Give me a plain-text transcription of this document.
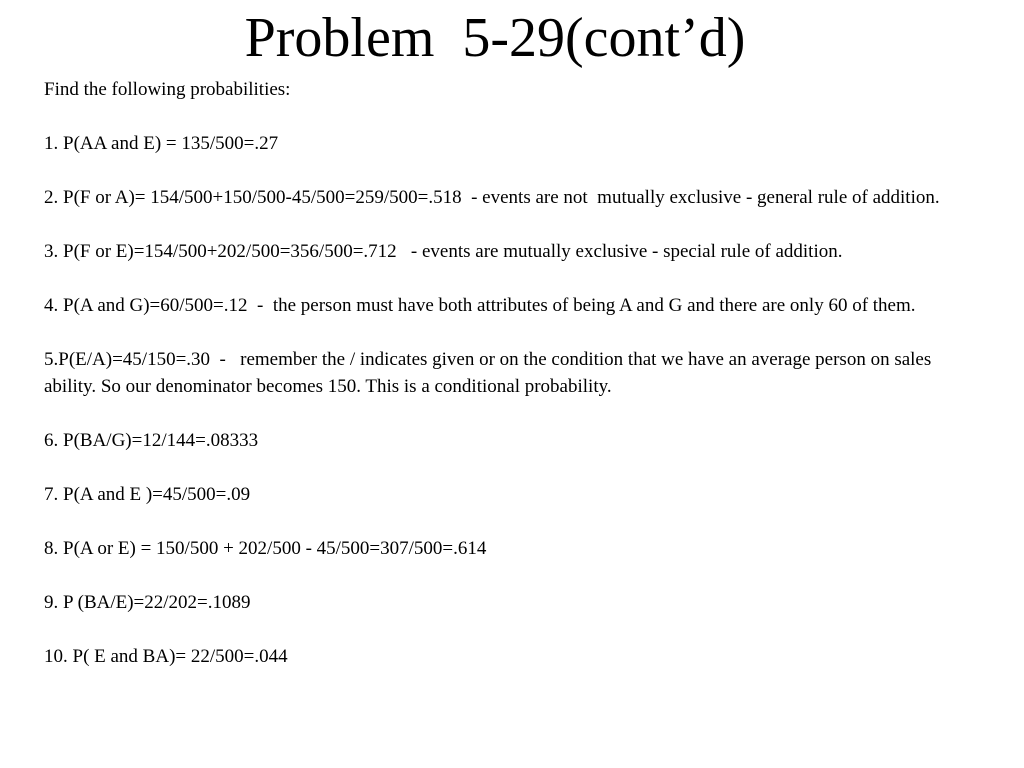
Problem  5-29(cont’d)

Find the following probabilities:

1. P(AA and E) = 135/500=.27

2. P(F or A)= 154/500+150/500-45/500=259/500=.518  - events are not  mutually exclusive - general rule of addition.

3. P(F or E)=154/500+202/500=356/500=.712   - events are mutually exclusive - special rule of addition.

4. P(A and G)=60/500=.12  -  the person must have both attributes of being A and G and there are only 60 of them.

5.P(E/A)=45/150=.30  -   remember the / indicates given or on the condition that we have an average person on sales ability. So our denominator becomes 150. This is a conditional probability.

6. P(BA/G)=12/144=.08333

7. P(A and E )=45/500=.09

8. P(A or E) = 150/500 + 202/500 - 45/500=307/500=.614

9. P (BA/E)=22/202=.1089

10. P( E and BA)= 22/500=.044
